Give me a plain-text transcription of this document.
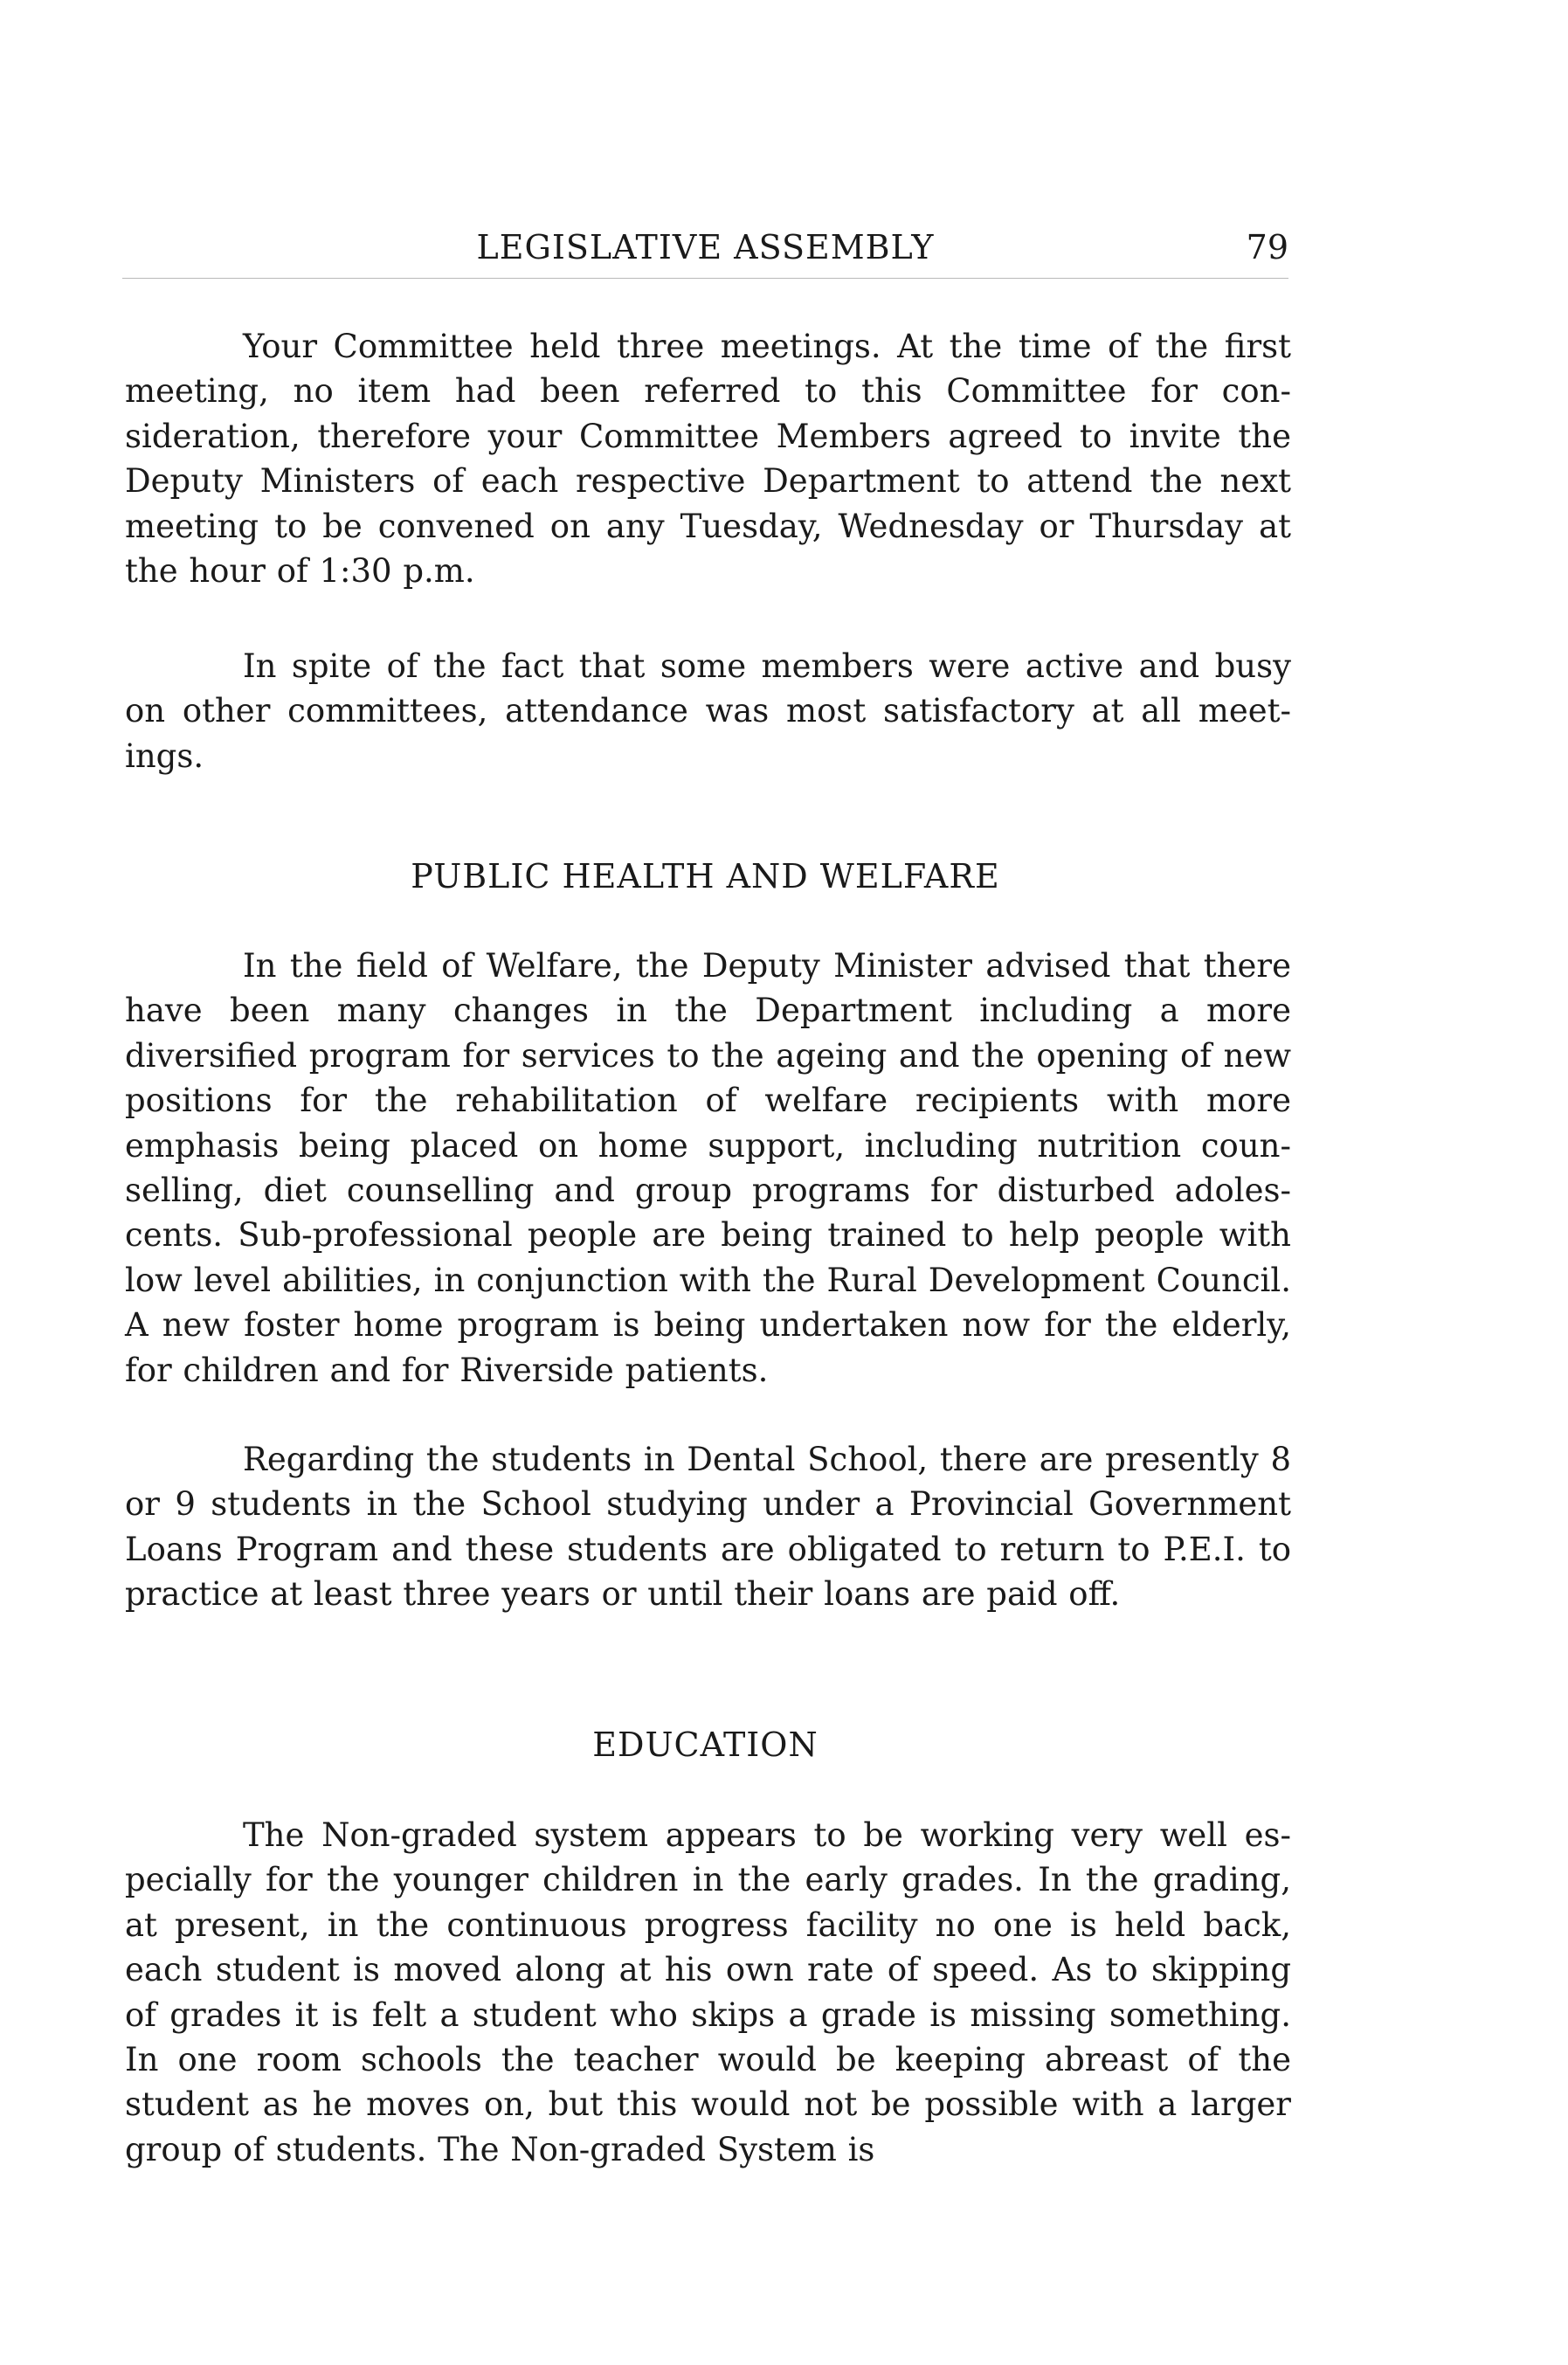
LEGISLATIVE ASSEMBLY	79

Your Committee held three meetings. At the time of the first meeting, no item had been referred to this Committee for consideration, therefore your Committee Members agreed to invite the Deputy Ministers of each respective Department to attend the next meeting to be convened on any Tuesday, Wednesday or Thursday at the hour of 1:30 p.m.

In spite of the fact that some members were active and busy on other committees, attendance was most satisfactory at all meetings.

PUBLIC HEALTH AND WELFARE

In the field of Welfare, the Deputy Minister advised that there have been many changes in the Department including a more diversified program for services to the ageing and the opening of new positions for the rehabilitation of welfare recipients with more emphasis being placed on home support, including nutrition counselling, diet counselling and group programs for disturbed adolescents. Sub-professional people are being trained to help people with low level abilities, in conjunction with the Rural Development Council. A new foster home program is being undertaken now for the elderly, for children and for Riverside patients.

Regarding the students in Dental School, there are presently 8 or 9 students in the School studying under a Provincial Government Loans Program and these students are obligated to return to P.E.I. to practice at least three years or until their loans are paid off.

EDUCATION

The Non-graded system appears to be working very well especially for the younger children in the early grades. In the grading, at present, in the continuous progress facility no one is held back, each student is moved along at his own rate of speed. As to skipping of grades it is felt a student who skips a grade is missing something. In one room schools the teacher would be keeping abreast of the student as he moves on, but this would not be possible with a larger group of students. The Non-graded System is
